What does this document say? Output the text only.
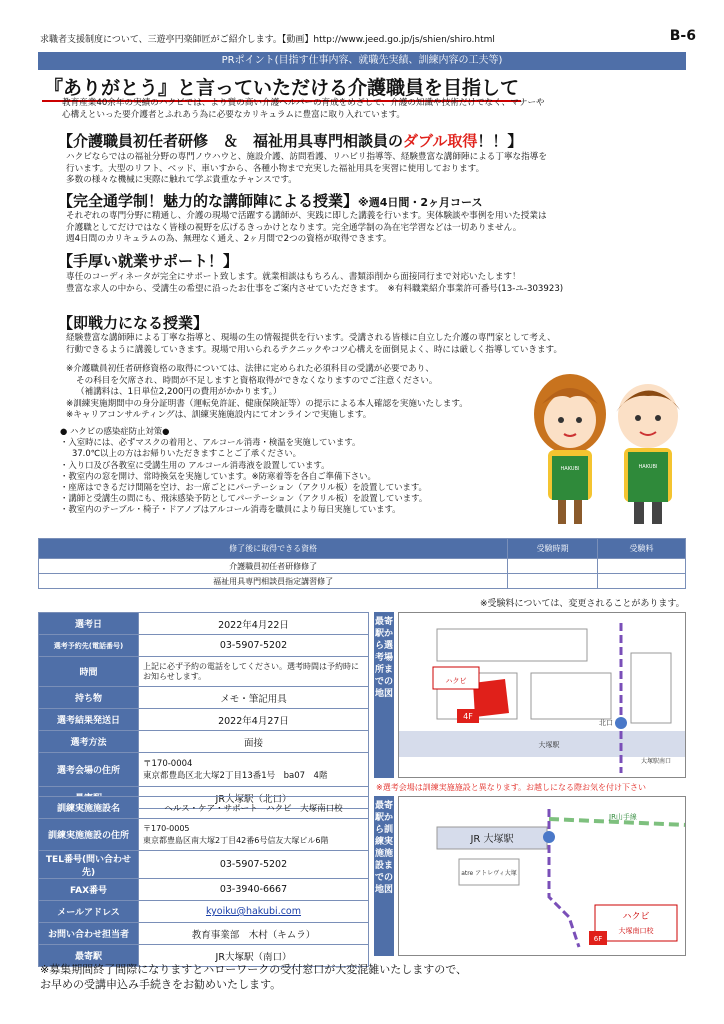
求職者支援制度について、三遊亭円楽師匠がご紹介します。【動画】http://www.jeed.go.jp/js/shien/shiro.html	B-6
PRポイント(目指す仕事内容、就職先実績、訓練内容の工夫等)
『ありがとう』と言っていただける介護職員を目指して
教育産業40余年の実績のハクビでは、より質の高い介護ヘルパーの育成をめざして、介護の知識や技術だけでなく、マナーや
心構えといった要介護者とふれあう為に必要なカリキュラムに豊富に取り入れています。
【介護職員初任者研修　＆　福祉用具専門相談員のダブル取得！！】
ハクビならではの福祉分野の専門ノウハウと、施設介護、訪問看護、リハビリ指導等、経験豊富な講師陣による丁寧な指導を
行います。大型のリフト、ベッド、車いすから、各種小物まで充実した福祉用具を実習に使用しております。
多数の様々な機械に実際に触れて学ぶ貴重なチャンスです。
【完全通学制！魅力的な講師陣による授業】※週4日間・2ヶ月コース
それぞれの専門分野に精通し、介護の現場で活躍する講師が、実践に即した講義を行います。実体験談や事例を用いた授業は
介護職としてだけではなく皆様の視野を広げるきっかけとなります。完全通学制の為在宅学習などは一切ありません。
週4日間のカリキュラムの為、無理なく通え、2ヶ月間で2つの資格が取得できます。
【手厚い就業サポート！】
専任のコーディネータが完全にサポート致します。就業相談はもちろん、書類添削から面接同行まで対応いたします！
豊富な求人の中から、受講生の希望に沿ったお仕事をご案内させていただきます。　※有料職業紹介事業許可番号(13-ユ-303923)
【即戦力になる授業】
経験豊富な講師陣による丁寧な指導と、現場の生の情報提供を行います。受講される皆様に自立した介護の専門家として考え、
行動できるように講義していきます。現場で用いられるテクニックやコツ心構えを面倒見よく、時には厳しく指導していきます。
※介護職員初任者研修資格の取得については、法律に定められた必須科目の受講が必要であり、
その科目を欠席され、時間が不足しますと資格取得ができなくなりますのでご注意ください。
（補講料は、1日単位2,200円の費用がかかります。）
※訓練実施期間中の身分証明書（運転免許証、健康保険証等）の提示による本人確認を実施いたします。
※キャリアコンサルティングは、訓練実施施設内にてオンラインで実施します。
● ハクビの感染症防止対策●
・入室時には、必ずマスクの着用と、アルコール消毒・検温を実施しています。
37.0℃以上の方はお帰りいただきますことご了承ください。
・入り口及び各教室に受講生用の アルコール消毒液を設置しています。
・教室内の窓を開け、常時換気を実施しています。※防寒着等を各自ご準備下さい。
・座席はできるだけ間隔を空け、お一席ごとにパーテーション（アクリル板）を設置しています。
・講師と受講生の間にも、飛沫感染予防としてパーテーション（アクリル板）を設置しています。
・教室内のテーブル・椅子・ドアノブはアルコール消毒を職員により毎日実施しています。
HAKUBI	HAKUBI
修了後に取得できる資格	受験時期	受験料
介護職員初任者研修修了		
福祉用具専門相談員指定講習修了		
※受験料については、変更されることがあります。
選考日	2022年4月22日
選考予約先(電話番号)	03-5907-5202
時間	上記に必ず予約の電話をしてください。選考時間は予約時にお知らせします。
持ち物	メモ・筆記用具
選考結果発送日	2022年4月27日
選考方法	面接
選考会場の住所	〒170-0004
東京都豊島区北大塚2丁目13番1号　ba07　4階

	JR大塚駅（北口）
最寄駅から選考場所までの地図
ハクビ
4F
大塚駅
北口
大塚駅南口
※選考会場は訓練実施施設と異なります。お越しになる際お気を付け下さい
訓練実施施設名	ヘルス・ケア・サポート　ハクビ　大塚南口校
訓練実施施設の住所	〒170-0005
東京都豊島区南大塚2丁目42番6号信友大塚ビル6階

TEL番号(問い合わせ先)	03-5907-5202
FAX番号	03-3940-6667
メールアドレス	kyoiku@hakubi.com
お問い合わせ担当者	教育事業部　木村（キムラ）
最寄駅	JR大塚駅（南口）
最寄駅から訓練実施施設までの地図
JR 大塚駅
JR山手線
atre アトレヴィ大塚
ハクビ
大塚南口校
6F
※募集期間終了間際になりますとハローワークの受付窓口が大変混雑いたしますので、
お早めの受講申込み手続きをお勧めいたします。
